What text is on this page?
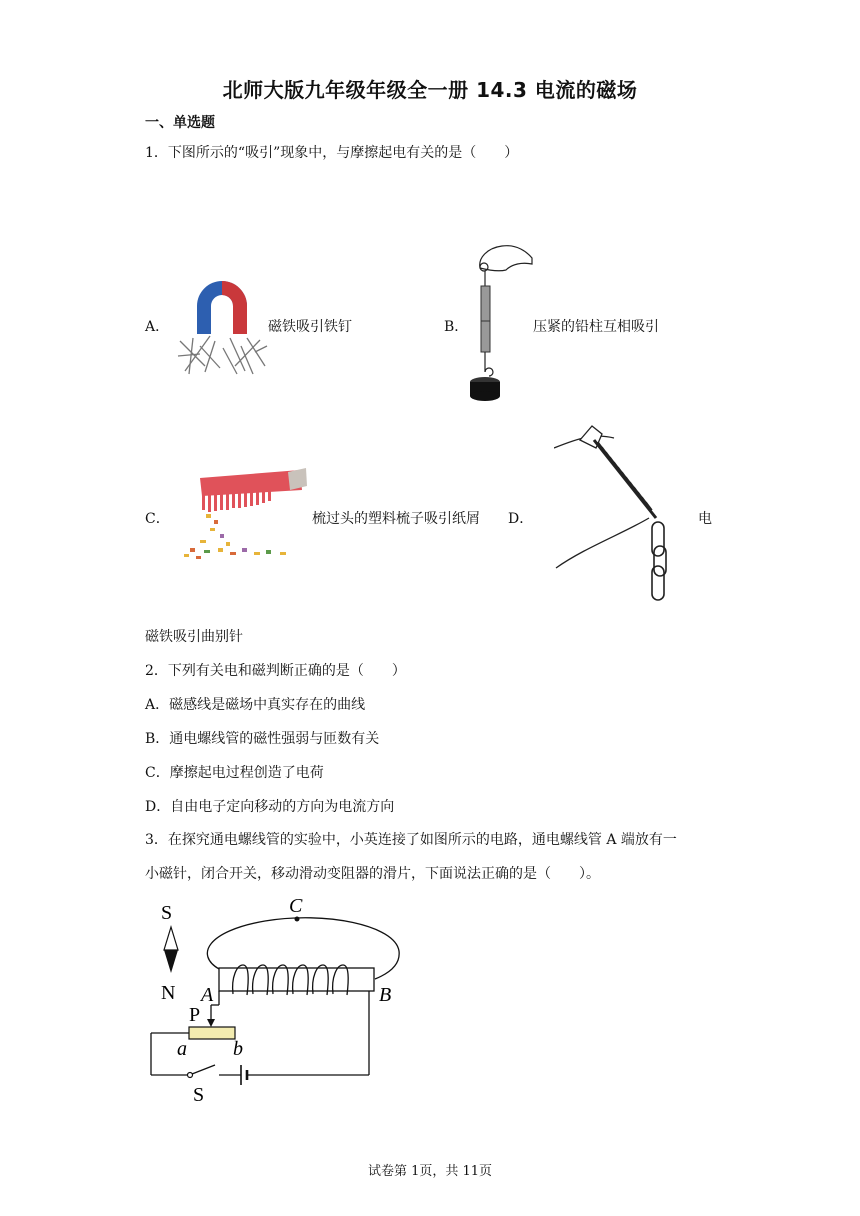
北师大版九年级年级全一册 14.3 电流的磁场
一、单选题
1．下图所示的“吸引”现象中，与摩擦起电有关的是（　　）
A．	磁铁吸引铁钉	B．	压紧的铅柱互相吸引
C．	梳过头的塑料梳子吸引纸屑 D．	电
磁铁吸引曲别针
2．下列有关电和磁判断正确的是（　　）
A．磁感线是磁场中真实存在的曲线
B．通电螺线管的磁性强弱与匝数有关
C．摩擦起电过程创造了电荷
D．自由电子定向移动的方向为电流方向
3．在探究通电螺线管的实验中，小英连接了如图所示的电路，通电螺线管 A 端放有一
小磁针，闭合开关，移动滑动变阻器的滑片，下面说法正确的是（　　）。
S
N
C
A	B
P
a b
S
试卷第 1页，共 11页
